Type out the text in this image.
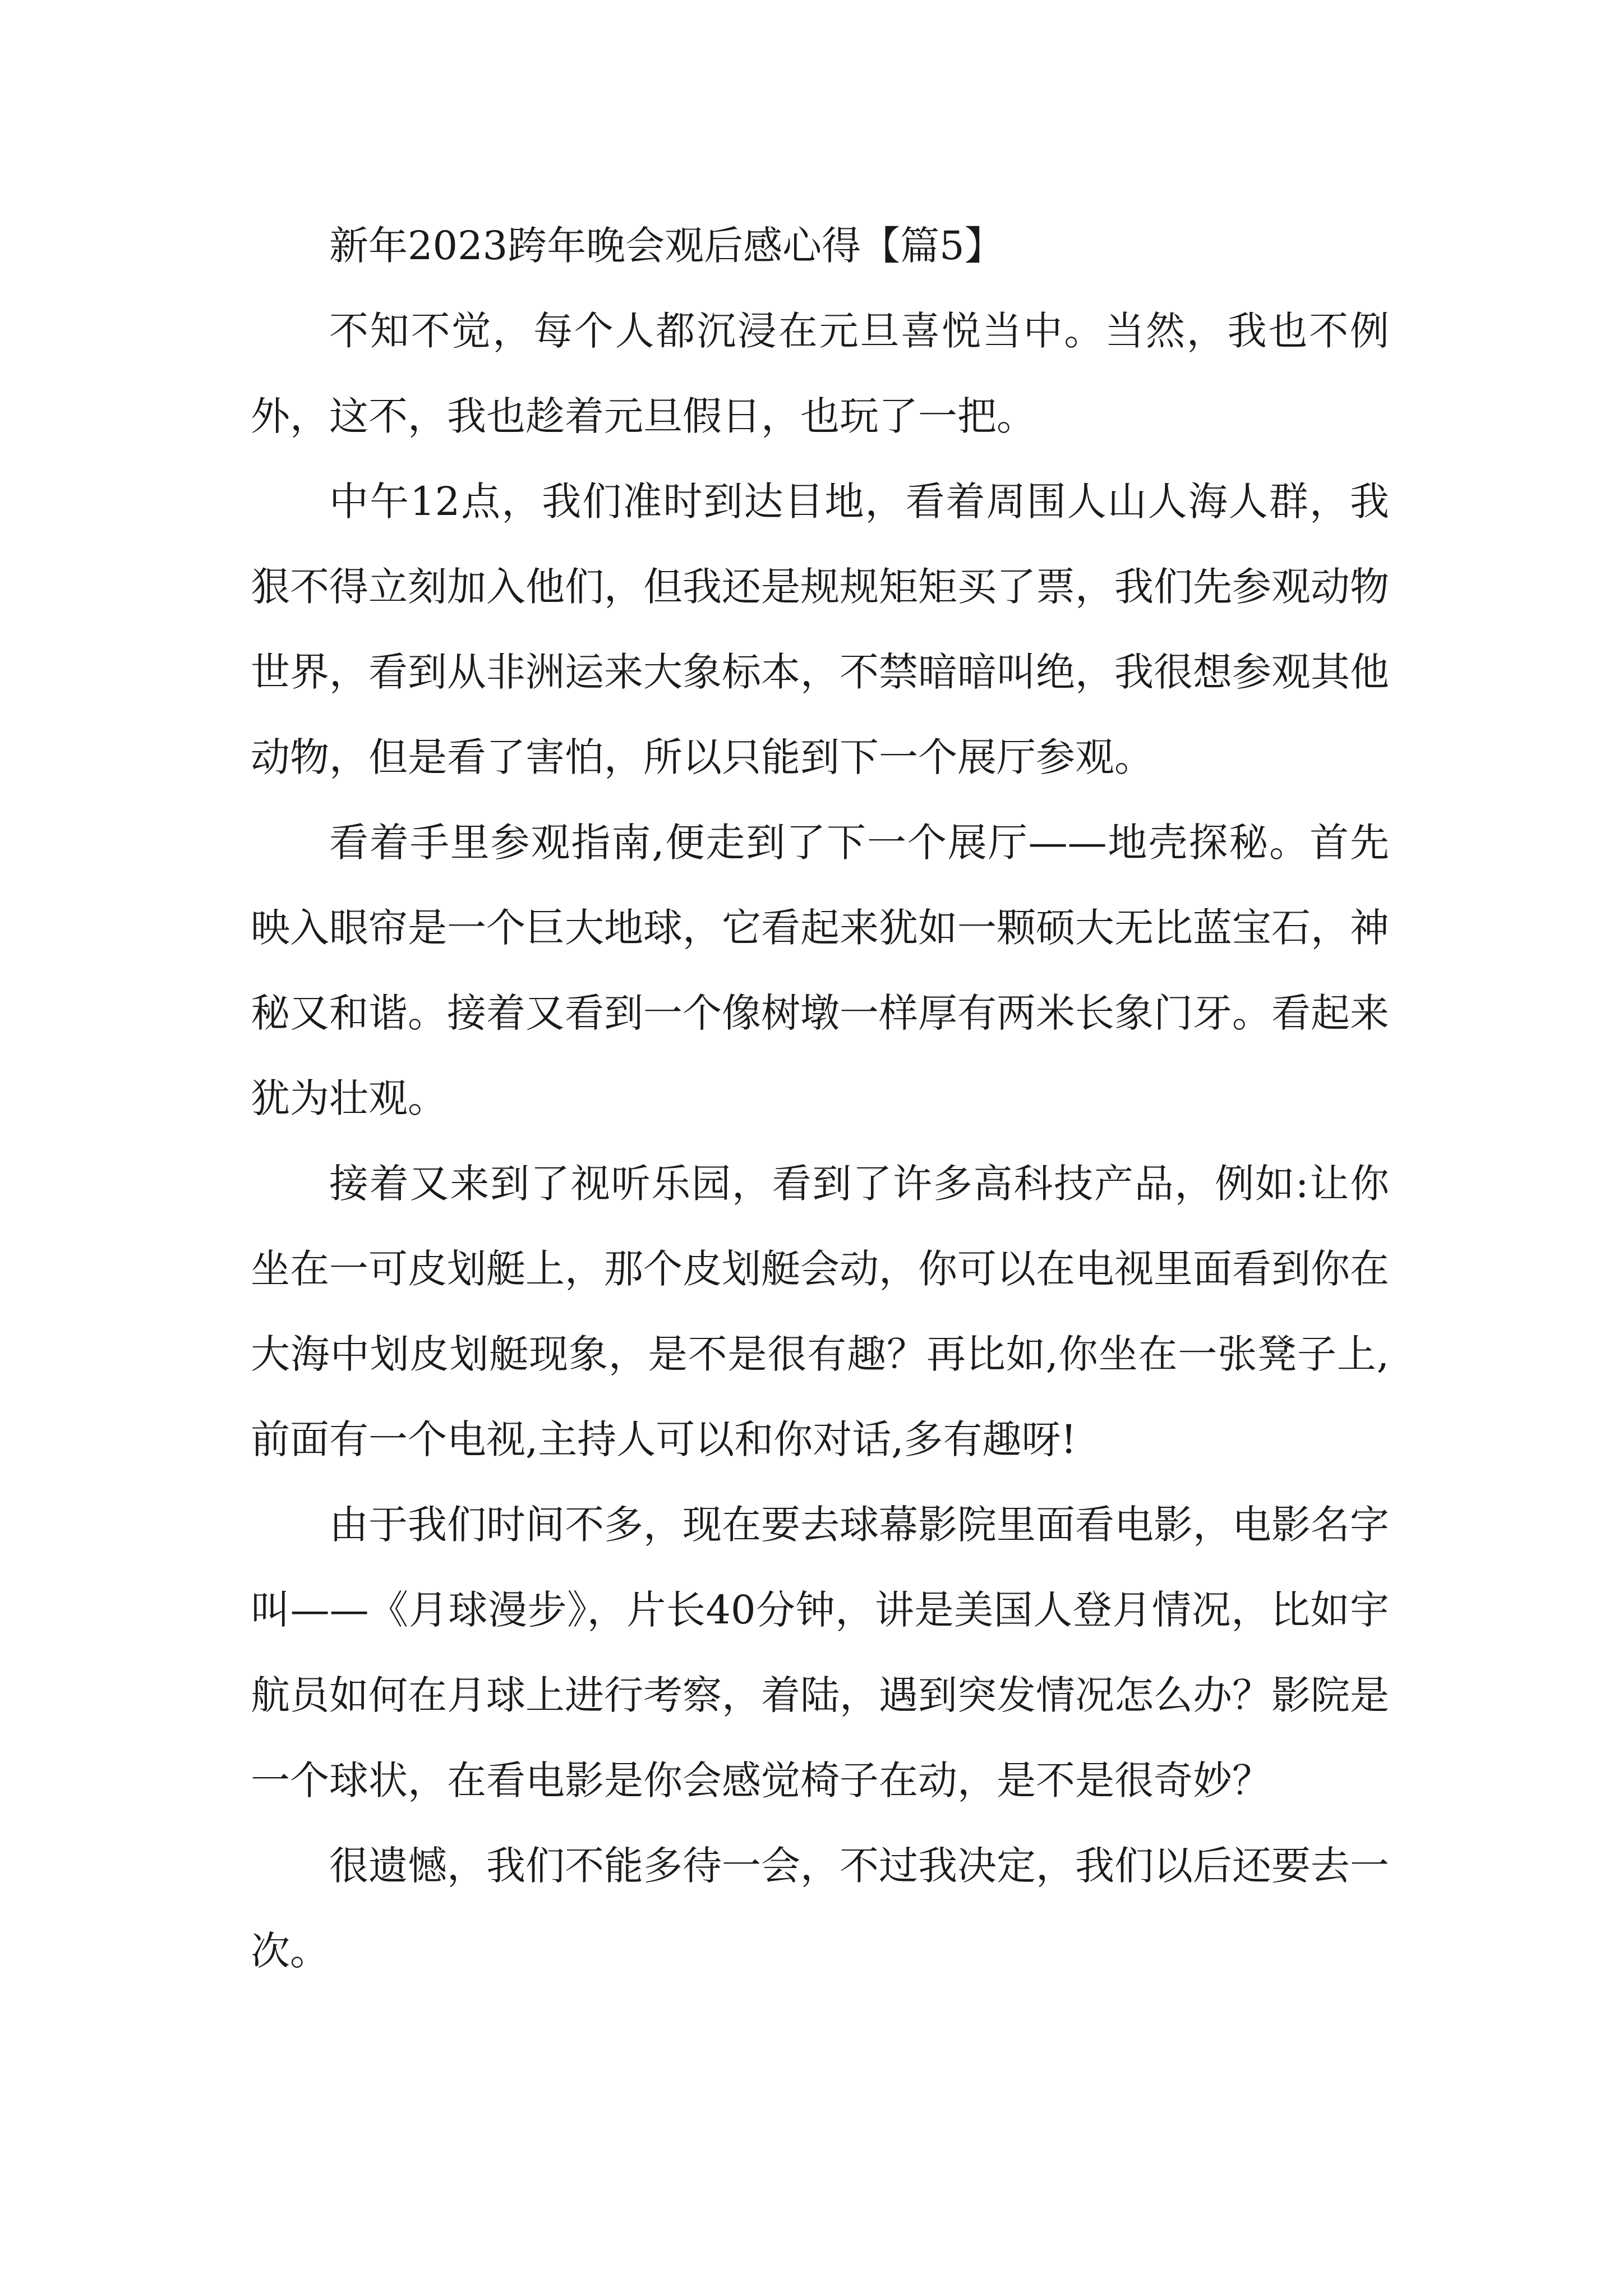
新年2023跨年晚会观后感心得【篇5】

不知不觉，每个人都沉浸在元旦喜悦当中。当然，我也不例外，这不，我也趁着元旦假日，也玩了一把。

中午12点，我们准时到达目地，看着周围人山人海人群，我狠不得立刻加入他们，但我还是规规矩矩买了票，我们先参观动物世界，看到从非洲运来大象标本，不禁暗暗叫绝，我很想参观其他动物，但是看了害怕，所以只能到下一个展厅参观。

看着手里参观指南,便走到了下一个展厅——地壳探秘。首先映入眼帘是一个巨大地球，它看起来犹如一颗硕大无比蓝宝石，神秘又和谐。接着又看到一个像树墩一样厚有两米长象门牙。看起来犹为壮观。

接着又来到了视听乐园，看到了许多高科技产品，例如:让你坐在一可皮划艇上，那个皮划艇会动，你可以在电视里面看到你在大海中划皮划艇现象，是不是很有趣？再比如,你坐在一张凳子上,前面有一个电视,主持人可以和你对话,多有趣呀!

由于我们时间不多，现在要去球幕影院里面看电影，电影名字叫——《月球漫步》，片长40分钟，讲是美国人登月情况，比如宇航员如何在月球上进行考察，着陆，遇到突发情况怎么办？影院是一个球状，在看电影是你会感觉椅子在动，是不是很奇妙？

很遗憾，我们不能多待一会，不过我决定，我们以后还要去一次。
